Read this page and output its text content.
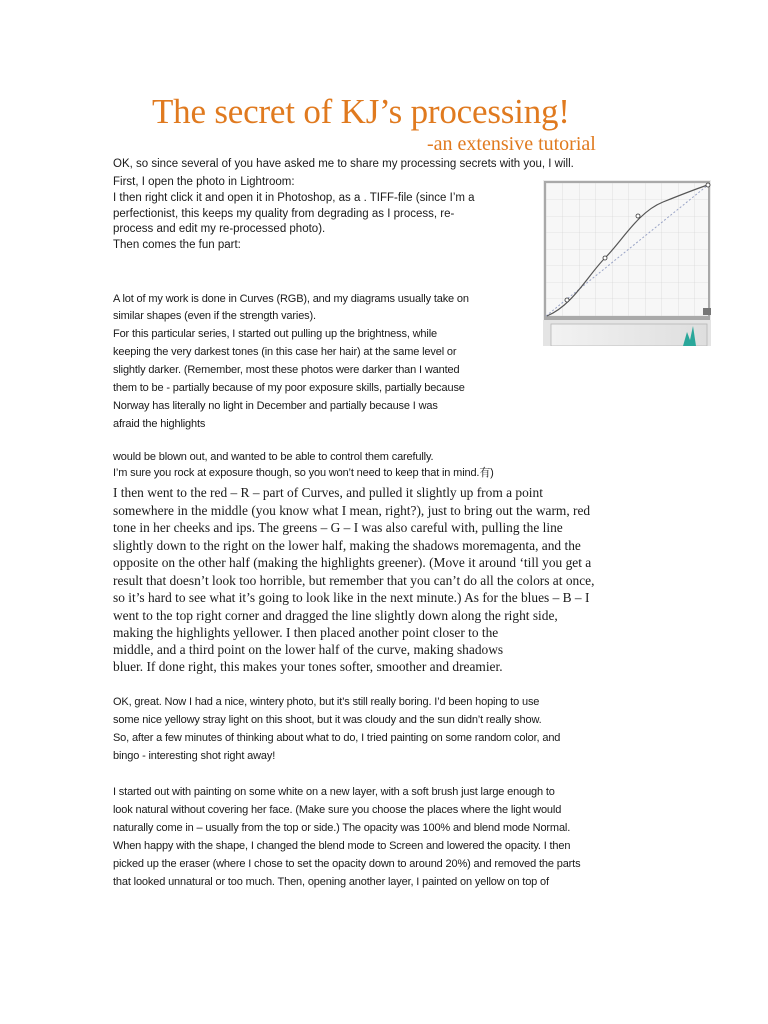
The secret of KJ’s processing!

-an extensive tutorial

OK, so since several of you have asked me to share my processing secrets with you, I will.

First, I open the photo in Lightroom:

I then right click it and open it in Photoshop, as a . TIFF-file (since I’m a

perfectionist, this keeps my quality from degrading as I process, re-

process and edit my re-processed photo).

Then comes the fun part:

A lot of my work is done in Curves (RGB), and my diagrams usually take on

similar shapes (even if the strength varies).

For this particular series, I started out pulling up the brightness, while

keeping the very darkest tones (in this case her hair) at the same level or

slightly darker. (Remember, most these photos were darker than I wanted

them to be - partially because of my poor exposure skills, partially because

Norway has literally no light in December and partially because I was

afraid the highlights

would be blown out, and wanted to be able to control them carefully.

I’m sure you rock at exposure though, so you won’t need to keep that in mind.有)

I then went to the red – R – part of Curves, and pulled it slightly up from a point

somewhere in the middle (you know what I mean, right?), just to bring out the warm, red

tone in her cheeks and ips. The greens – G – I was also careful with, pulling the line

slightly down to the right on the lower half, making the shadows moremagenta, and the

opposite on the other half (making the highlights greener). (Move it around ‘till you get a

result that doesn’t look too horrible, but remember that you can’t do all the colors at once,

so it’s hard to see what it’s going to look like in the next minute.) As for the blues – B – I

went to the top right corner and dragged the line slightly down along the right side,

making the highlights yellower. I then placed another point closer to the

middle, and a third point on the lower half of the curve, making shadows

bluer. If done right, this makes your tones softer, smoother and dreamier.

OK, great. Now I had a nice, wintery photo, but it’s still really boring. I’d been hoping to use

some nice yellowy stray light on this shoot, but it was cloudy and the sun didn’t really show.

So, after a few minutes of thinking about what to do, I tried painting on some random color, and

bingo - interesting shot right away!

I started out with painting on some white on a new layer, with a soft brush just large enough to

look natural without covering her face. (Make sure you choose the places where the light would

naturally come in – usually from the top or side.) The opacity was 100% and blend mode Normal.

When happy with the shape, I changed the blend mode to Screen and lowered the opacity. I then

picked up the eraser (where I chose to set the opacity down to around 20%) and removed the parts

that looked unnatural or too much. Then, opening another layer, I painted on yellow on top of
